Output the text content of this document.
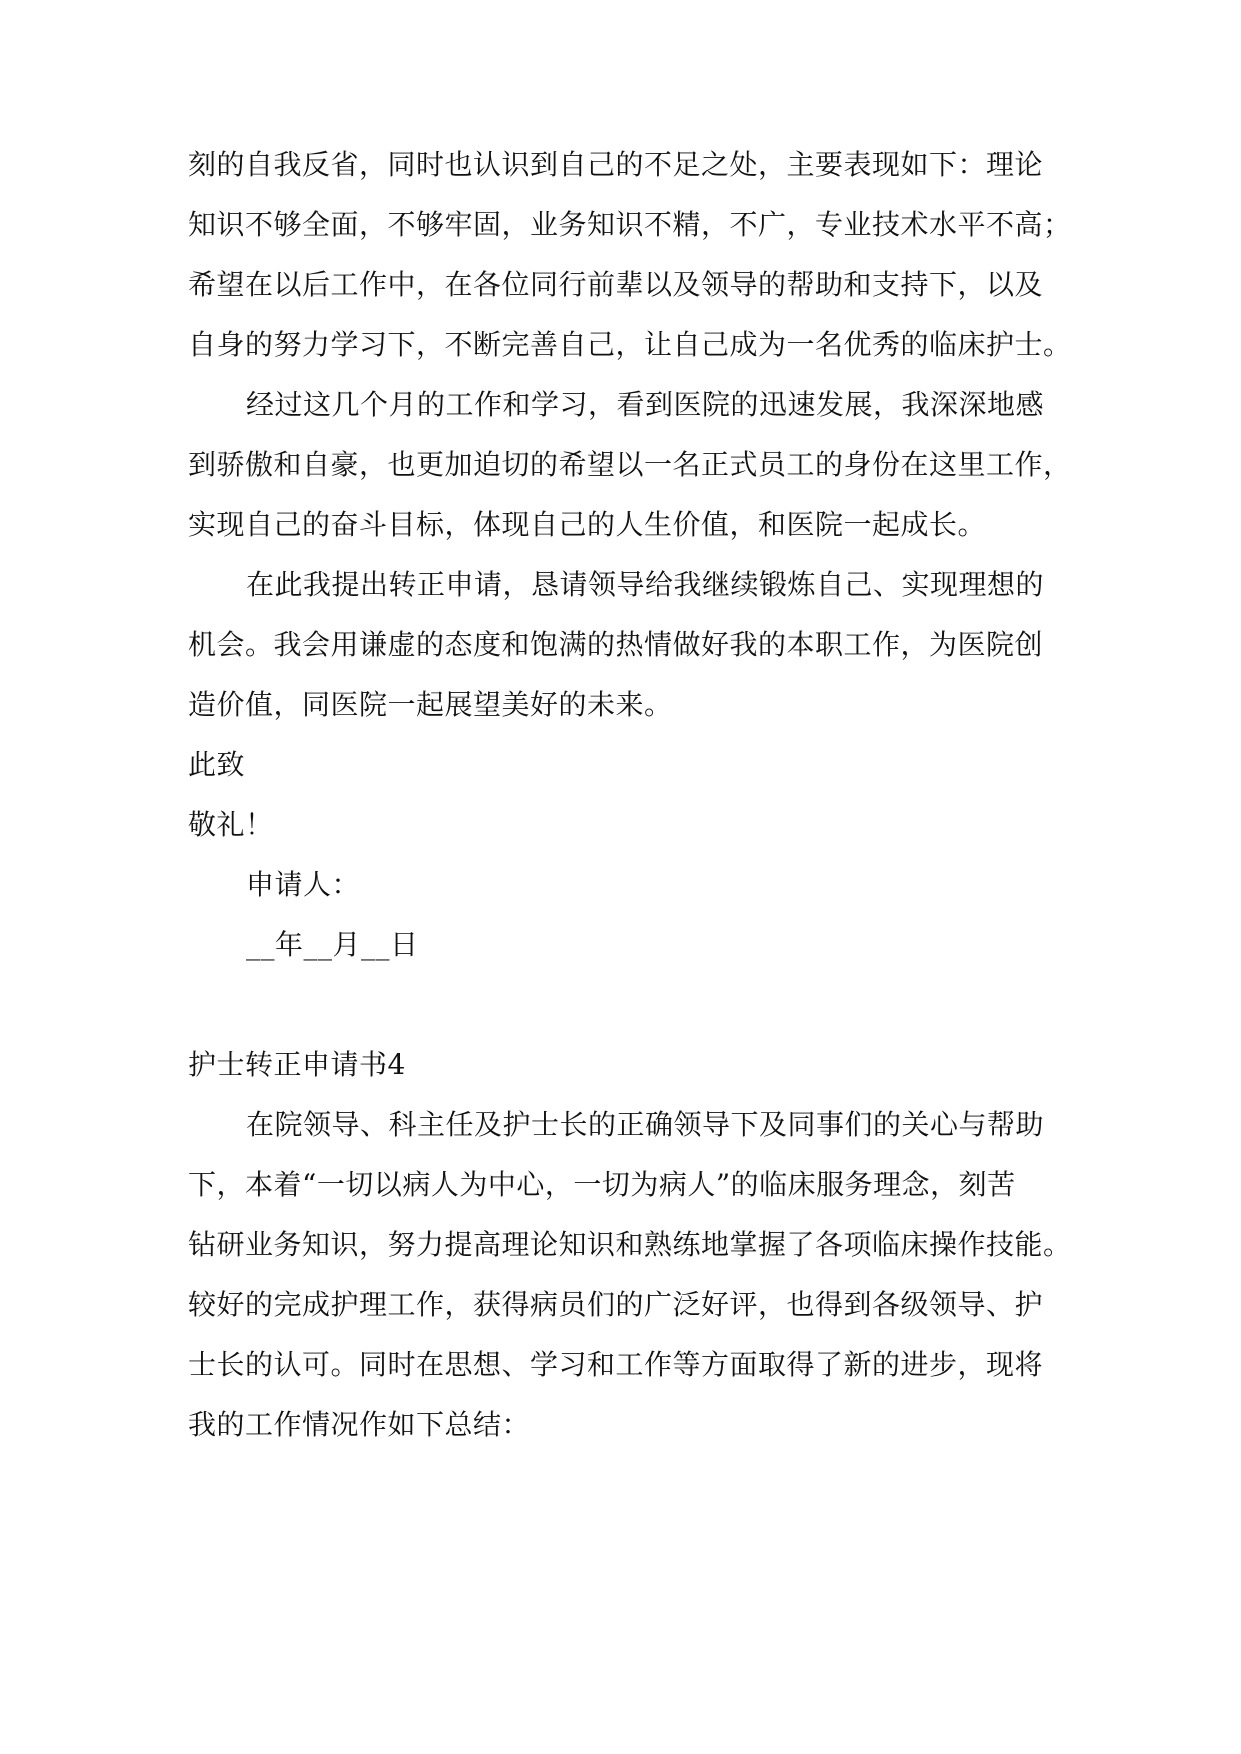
刻的自我反省，同时也认识到自己的不足之处，主要表现如下：理论

知识不够全面，不够牢固，业务知识不精，不广，专业技术水平不高；

希望在以后工作中，在各位同行前辈以及领导的帮助和支持下，以及

自身的努力学习下，不断完善自己，让自己成为一名优秀的临床护士。

经过这几个月的工作和学习，看到医院的迅速发展，我深深地感

到骄傲和自豪，也更加迫切的希望以一名正式员工的身份在这里工作，

实现自己的奋斗目标，体现自己的人生价值，和医院一起成长。

在此我提出转正申请，恳请领导给我继续锻炼自己、实现理想的

机会。我会用谦虚的态度和饱满的热情做好我的本职工作，为医院创

造价值，同医院一起展望美好的未来。

此致

敬礼！

申请人：

__年__月__日

护士转正申请书4

在院领导、科主任及护士长的正确领导下及同事们的关心与帮助

下，本着“一切以病人为中心，一切为病人”的临床服务理念，刻苦

钻研业务知识，努力提高理论知识和熟练地掌握了各项临床操作技能。

较好的完成护理工作，获得病员们的广泛好评，也得到各级领导、护

士长的认可。同时在思想、学习和工作等方面取得了新的进步，现将

我的工作情况作如下总结：
